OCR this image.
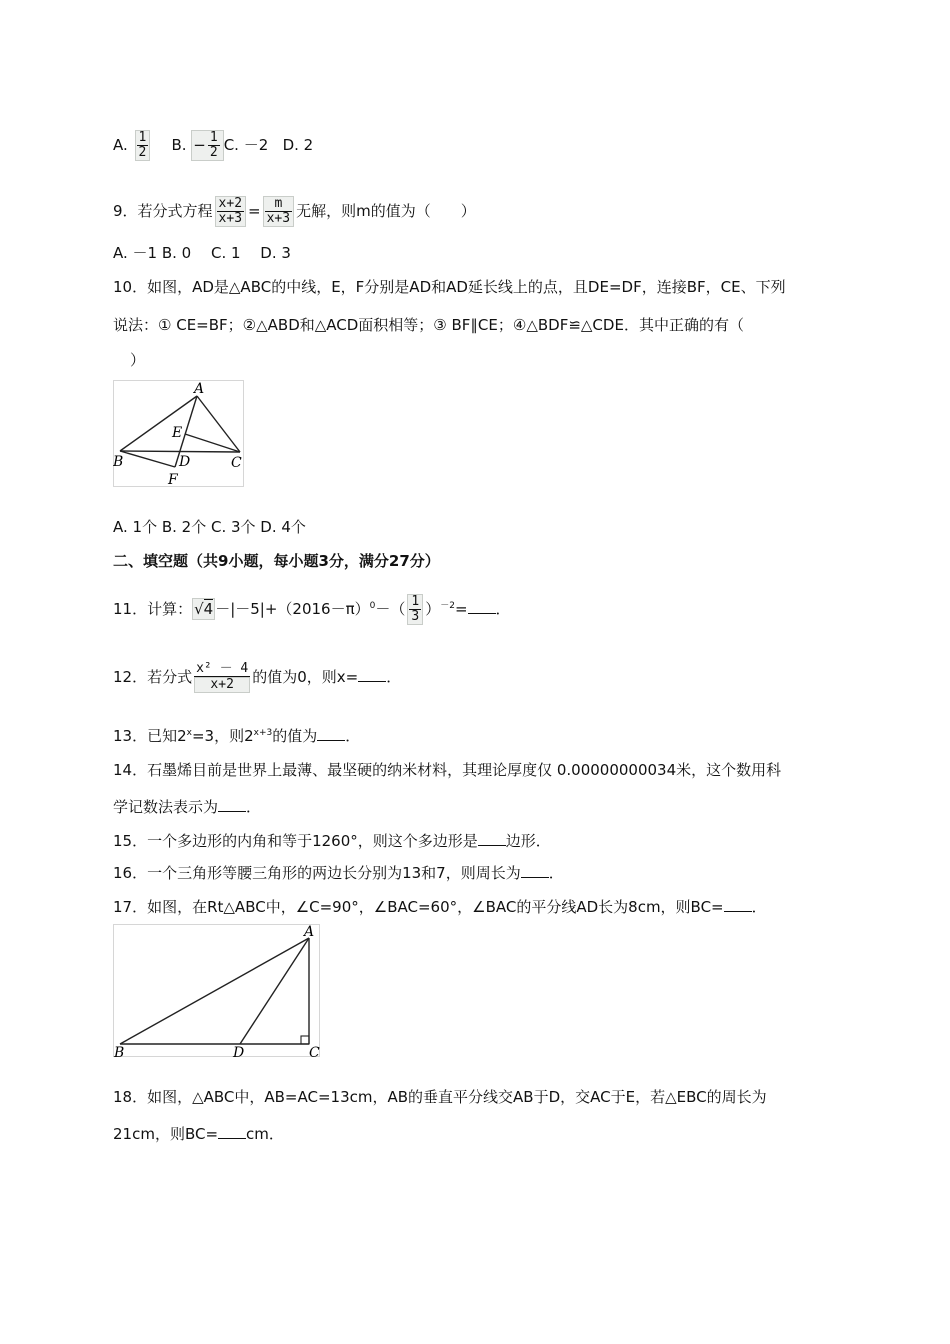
A. $\frac{1}{2} B$. − $\frac{1}{2} C$. －2 D. 2
9．若分式方程 $\frac{x+2}{x+3} = \frac{m}{x+3}$ 无解，则m的值为（　　）
A. －1 B. 0　 C. 1　 D. 3
10．如图，AD是△ABC的中线，E，F分别是AD和AD延长线上的点，且DE=DF，连接BF，CE、下列
说法：① CE=BF；②△ABD和△ACD面积相等；③ BF∥CE；④△BDF≌△CDE．其中正确的有（
）
A
E
B	D	C
F
A. 1个 B. 2个 C. 3个 D. 4个
二、填空题（共9小题，每小题3分，满分27分）
11．计算： $√4 -|-5|+(2016-\pi)^0-( \frac{1}{3} )^{-2}=$ ．
12．若分式 $\frac{\text{x² － 4}}{x+2}$ 的值为0，则x= ．
13．已知$2^x=3$，则$2^{x+3}$的值为 ．
14．石墨烯目前是世界上最薄、最坚硬的纳米材料，其理论厚度仅 0.00000000034米，这个数用科
学记数法表示为 ．
15．一个多边形的内角和等于1260°，则这个多边形是 边形．
16．一个三角形等腰三角形的两边长分别为13和7，则周长为 ．
17．如图，在Rt△ABC中，∠C=90°，∠BAC=60°，∠BAC的平分线AD长为8cm，则BC= ．
A
B	D	C
18．如图，△ABC中，AB=AC=13cm，AB的垂直平分线交AB于D，交AC于E，若△EBC的周长为
21cm，则BC= cm．
